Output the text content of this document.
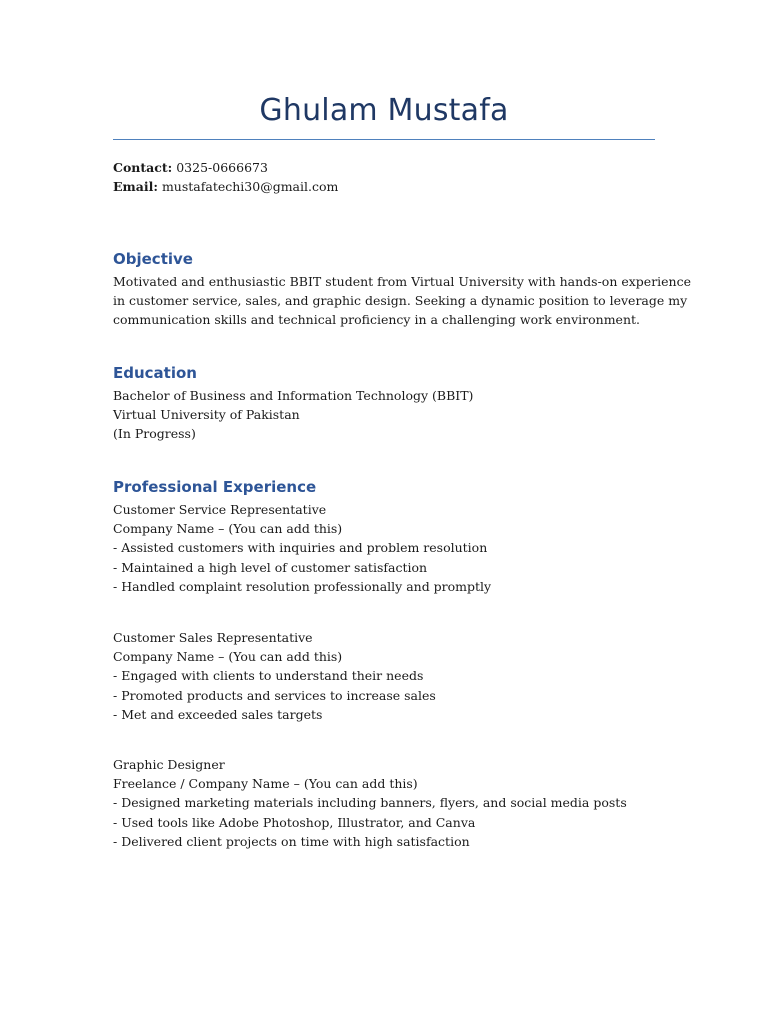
Ghulam Mustafa
Contact: 0325-0666673
Email: mustafatechi30@gmail.com
Objective
Motivated and enthusiastic BBIT student from Virtual University with hands-on experience
in customer service, sales, and graphic design. Seeking a dynamic position to leverage my
communication skills and technical proficiency in a challenging work environment.
Education
Bachelor of Business and Information Technology (BBIT)
Virtual University of Pakistan
(In Progress)
Professional Experience
Customer Service Representative
Company Name – (You can add this)
- Assisted customers with inquiries and problem resolution
- Maintained a high level of customer satisfaction
- Handled complaint resolution professionally and promptly
Customer Sales Representative
Company Name – (You can add this)
- Engaged with clients to understand their needs
- Promoted products and services to increase sales
- Met and exceeded sales targets
Graphic Designer
Freelance / Company Name – (You can add this)
- Designed marketing materials including banners, flyers, and social media posts
- Used tools like Adobe Photoshop, Illustrator, and Canva
- Delivered client projects on time with high satisfaction
